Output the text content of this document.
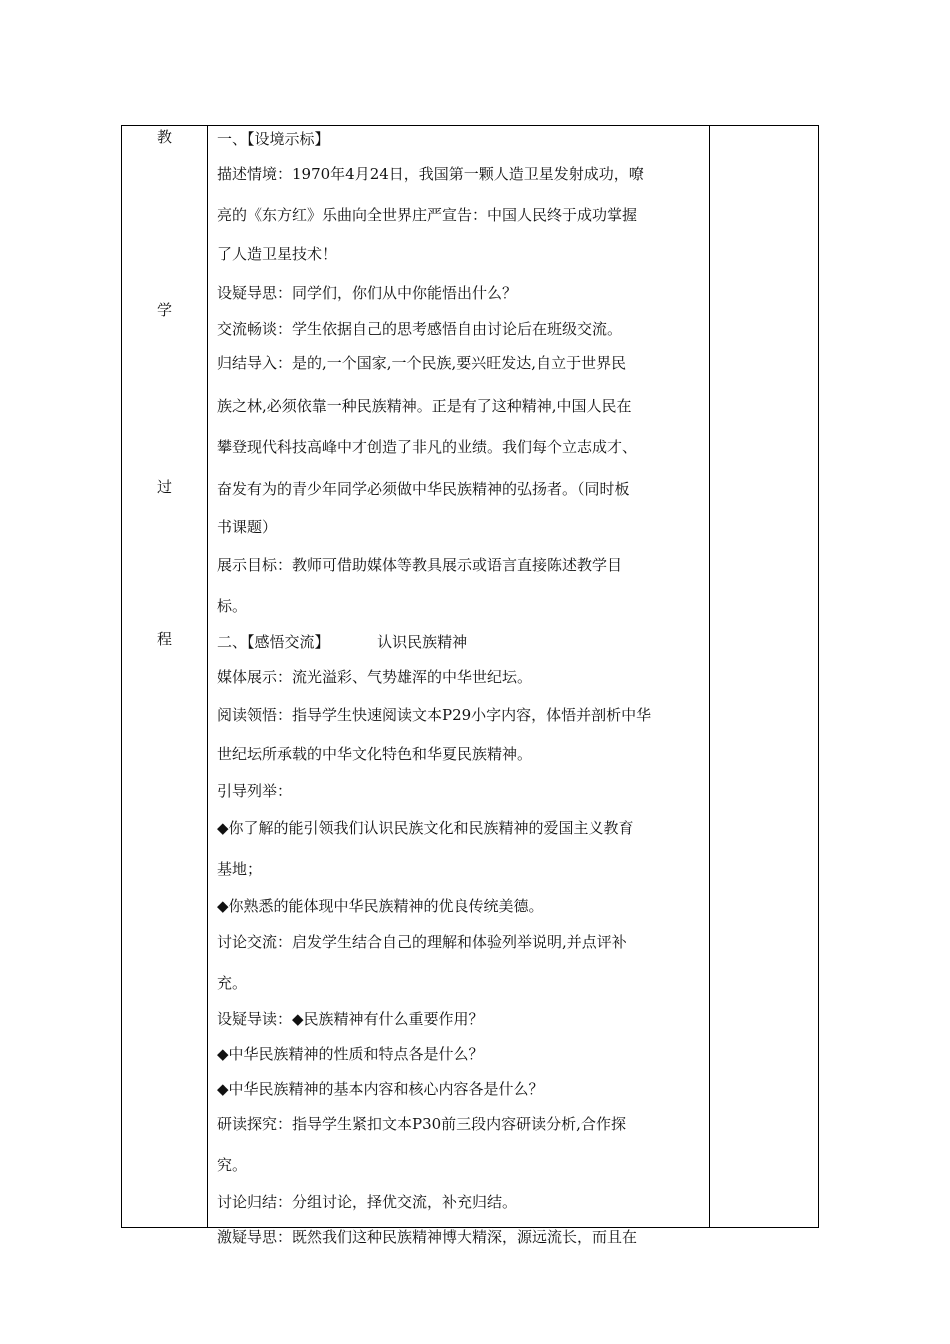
教
学
过
程
一、【设境示标】
描述情境：1970年4月24日，我国第一颗人造卫星发射成功，嘹
亮的《东方红》乐曲向全世界庄严宣告：中国人民终于成功掌握
了人造卫星技术！
设疑导思：同学们，你们从中你能悟出什么？
交流畅谈：学生依据自己的思考感悟自由讨论后在班级交流。
归结导入：是的,一个国家,一个民族,要兴旺发达,自立于世界民
族之林,必须依靠一种民族精神。正是有了这种精神,中国人民在
攀登现代科技高峰中才创造了非凡的业绩。我们每个立志成才、
奋发有为的青少年同学必须做中华民族精神的弘扬者。（同时板
书课题）
展示目标：教师可借助媒体等教具展示或语言直接陈述教学目
标。
二、【感悟交流】          认识民族精神
媒体展示：流光溢彩、气势雄浑的中华世纪坛。
阅读领悟：指导学生快速阅读文本P29小字内容，体悟并剖析中华
世纪坛所承载的中华文化特色和华夏民族精神。
引导列举：
◆你了解的能引领我们认识民族文化和民族精神的爱国主义教育
基地；
◆你熟悉的能体现中华民族精神的优良传统美德。
讨论交流：启发学生结合自己的理解和体验列举说明,并点评补
充。
设疑导读：◆民族精神有什么重要作用？
◆中华民族精神的性质和特点各是什么？
◆中华民族精神的基本内容和核心内容各是什么？
研读探究：指导学生紧扣文本P30前三段内容研读分析,合作探
究。
讨论归结：分组讨论，择优交流，补充归结。
激疑导思：既然我们这种民族精神博大精深，源远流长，而且在
